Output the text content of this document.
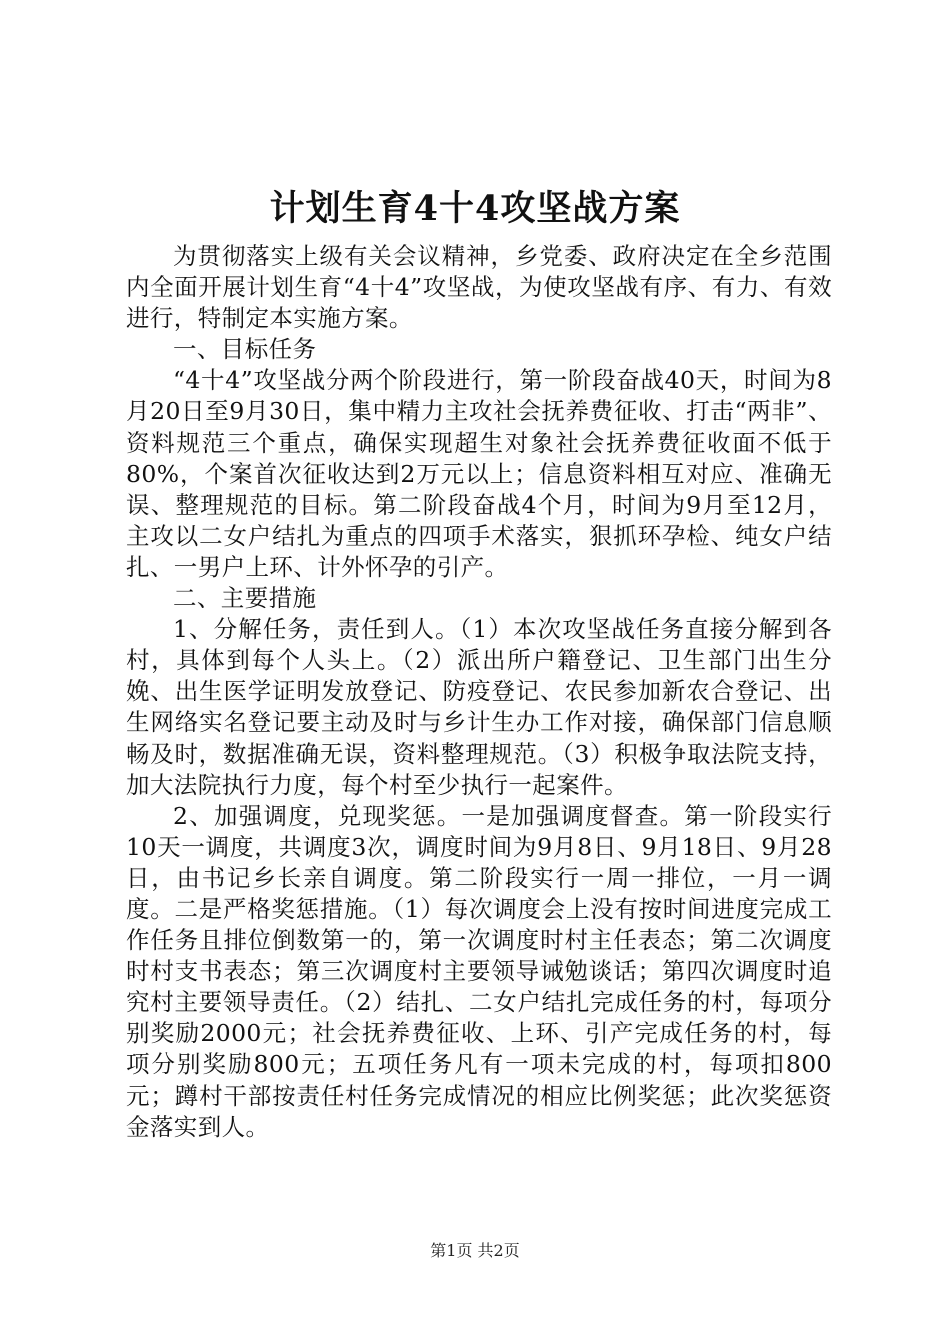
计划生育4十4攻坚战方案

为贯彻落实上级有关会议精神，乡党委、政府决定在全乡范围内全面开展计划生育“4十4”攻坚战，为使攻坚战有序、有力、有效进行，特制定本实施方案。

一、目标任务

“4十4”攻坚战分两个阶段进行，第一阶段奋战40天，时间为8月20日至9月30日，集中精力主攻社会抚养费征收、打击“两非”、资料规范三个重点，确保实现超生对象社会抚养费征收面不低于80%，个案首次征收达到2万元以上；信息资料相互对应、准确无误、整理规范的目标。第二阶段奋战4个月，时间为9月至12月，主攻以二女户结扎为重点的四项手术落实，狠抓环孕检、纯女户结扎、一男户上环、计外怀孕的引产。

二、主要措施

1、分解任务，责任到人。（1）本次攻坚战任务直接分解到各村，具体到每个人头上。（2）派出所户籍登记、卫生部门出生分娩、出生医学证明发放登记、防疫登记、农民参加新农合登记、出生网络实名登记要主动及时与乡计生办工作对接，确保部门信息顺畅及时，数据准确无误，资料整理规范。（3）积极争取法院支持，加大法院执行力度，每个村至少执行一起案件。

2、加强调度，兑现奖惩。一是加强调度督查。第一阶段实行10天一调度，共调度3次，调度时间为9月8日、9月18日、9月28日，由书记乡长亲自调度。第二阶段实行一周一排位，一月一调度。二是严格奖惩措施。（1）每次调度会上没有按时间进度完成工作任务且排位倒数第一的，第一次调度时村主任表态；第二次调度时村支书表态；第三次调度村主要领导诫勉谈话；第四次调度时追究村主要领导责任。（2）结扎、二女户结扎完成任务的村，每项分别奖励2000元；社会抚养费征收、上环、引产完成任务的村，每项分别奖励800元；五项任务凡有一项未完成的村，每项扣800元；蹲村干部按责任村任务完成情况的相应比例奖惩；此次奖惩资金落实到人。

第1页 共2页
